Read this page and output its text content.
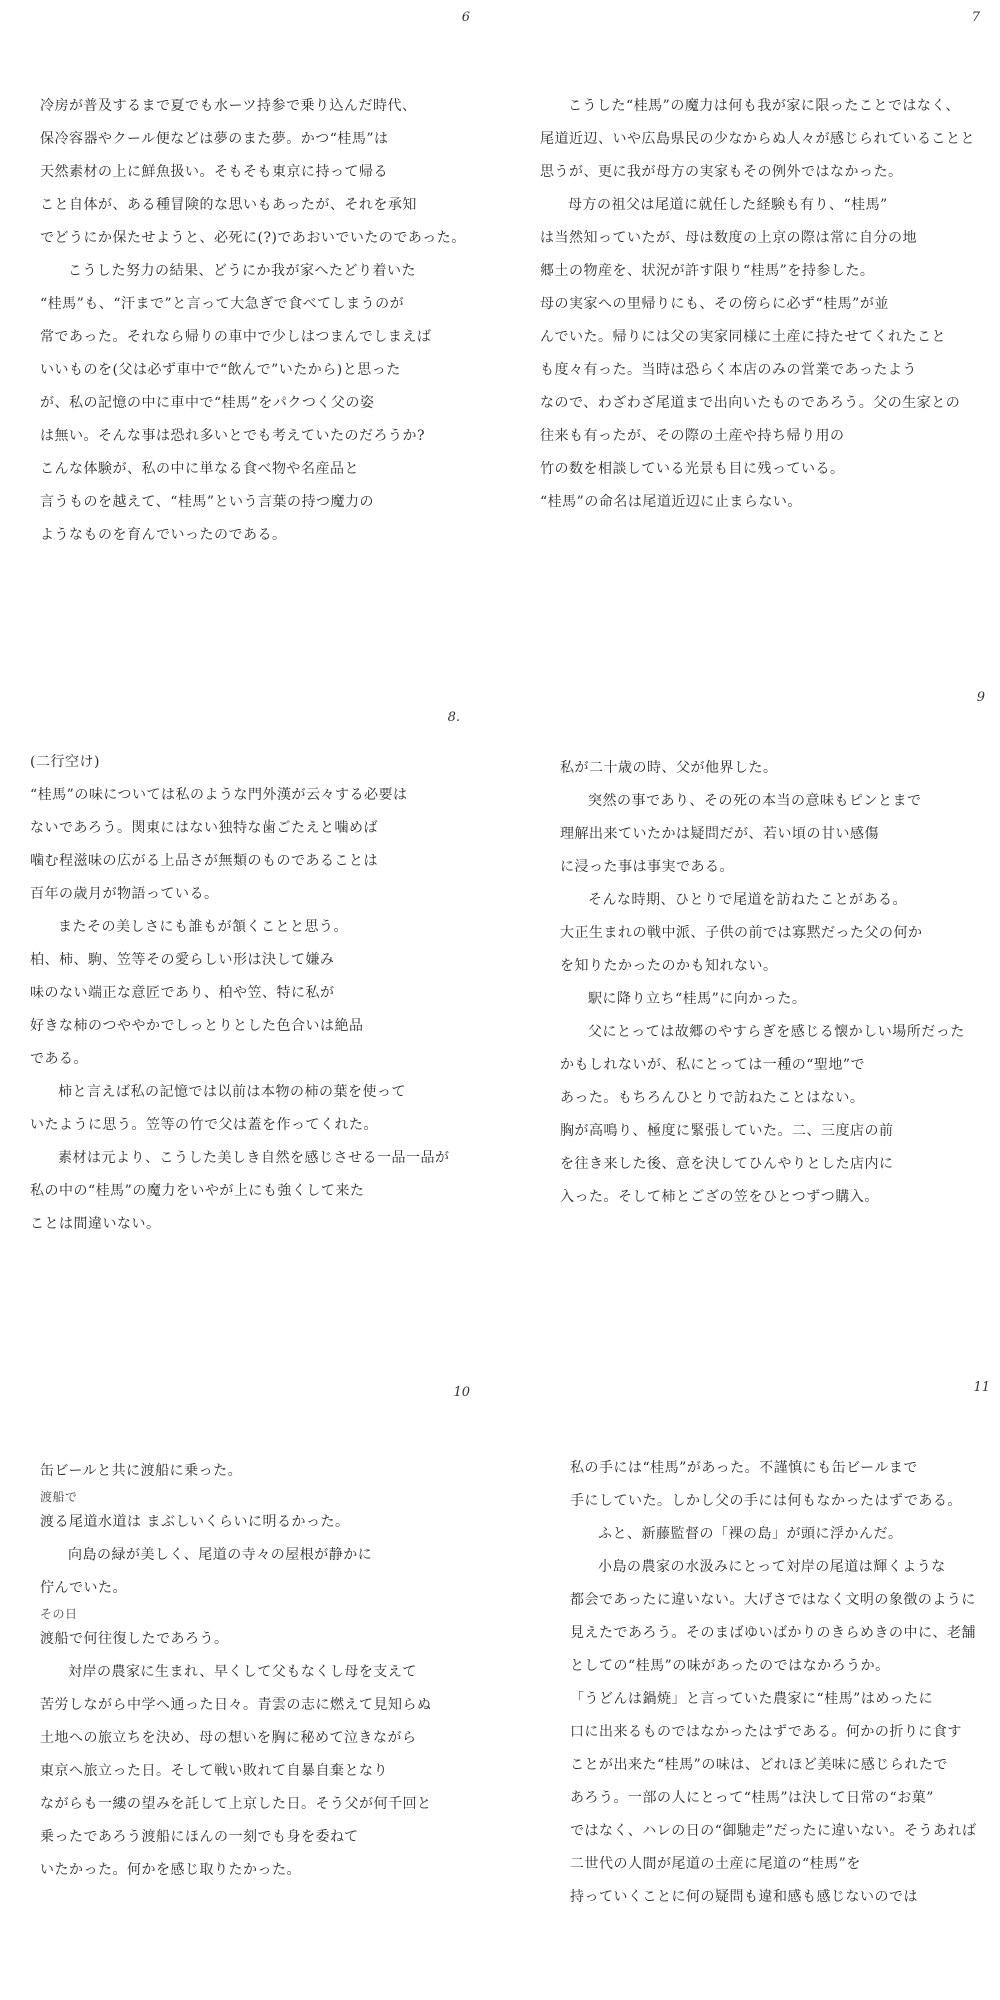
6
冷房が普及するまで夏でも水ーツ持参で乗り込んだ時代、
保冷容器やクール便などは夢のまた夢。かつ“桂馬”は
天然素材の上に鮮魚扱い。そもそも東京に持って帰る
こと自体が、ある種冒険的な思いもあったが、それを承知
でどうにか保たせようと、必死に(?)であおいでいたのであった。
こうした努力の結果、どうにか我が家へたどり着いた
“桂馬”も、“汗まで”と言って大急ぎで食べてしまうのが
常であった。それなら帰りの車中で少しはつまんでしまえば
いいものを(父は必ず車中で“飲んで”いたから)と思った
が、私の記憶の中に車中で“桂馬”をパクつく父の姿
は無い。そんな事は恐れ多いとでも考えていたのだろうか?
こんな体験が、私の中に単なる食べ物や名産品と
言うものを越えて、“桂馬”という言葉の持つ魔力の
ようなものを育んでいったのである。
7
こうした“桂馬”の魔力は何も我が家に限ったことではなく、
尾道近辺、いや広島県民の少なからぬ人々が感じられていることと
思うが、更に我が母方の実家もその例外ではなかった。
母方の祖父は尾道に就任した経験も有り、“桂馬”
は当然知っていたが、母は数度の上京の際は常に自分の地
郷土の物産を、状況が許す限り“桂馬”を持参した。
母の実家への里帰りにも、その傍らに必ず“桂馬”が並
んでいた。帰りには父の実家同様に土産に持たせてくれたこと
も度々有った。当時は恐らく本店のみの営業であったよう
なので、わざわざ尾道まで出向いたものであろう。父の生家との
往来も有ったが、その際の土産や持ち帰り用の
竹の数を相談している光景も目に残っている。
“桂馬”の命名は尾道近辺に止まらない。
8.
(二行空け)
“桂馬”の味については私のような門外漢が云々する必要は
ないであろう。関東にはない独特な歯ごたえと噛めば
噛む程滋味の広がる上品さが無類のものであることは
百年の歳月が物語っている。
またその美しさにも誰もが頷くことと思う。
柏、柿、駒、笠等その愛らしい形は決して嫌み
味のない端正な意匠であり、柏や笠、特に私が
好きな柿のつややかでしっとりとした色合いは絶品
である。
柿と言えば私の記憶では以前は本物の柿の葉を使って
いたように思う。笠等の竹で父は蓋を作ってくれた。
素材は元より、こうした美しき自然を感じさせる一品一品が
私の中の“桂馬”の魔力をいやが上にも強くして来た
ことは間違いない。
9
私が二十歳の時、父が他界した。
突然の事であり、その死の本当の意味もピンとまで
理解出来ていたかは疑問だが、若い頃の甘い感傷
に浸った事は事実である。
そんな時期、ひとりで尾道を訪ねたことがある。
大正生まれの戦中派、子供の前では寡黙だった父の何か
を知りたかったのかも知れない。
駅に降り立ち“桂馬”に向かった。
父にとっては故郷のやすらぎを感じる懐かしい場所だった
かもしれないが、私にとっては一種の“聖地”で
あった。もちろんひとりで訪ねたことはない。
胸が高鳴り、極度に緊張していた。二、三度店の前
を往き来した後、意を決してひんやりとした店内に
入った。そして柿とござの笠をひとつずつ購入。
10
缶ビールと共に渡船に乗った。
渡船で
渡る尾道水道は まぶしいくらいに明るかった。
向島の緑が美しく、尾道の寺々の屋根が静かに
佇んでいた。
その日
渡船で何往復したであろう。
対岸の農家に生まれ、早くして父もなくし母を支えて
苦労しながら中学へ通った日々。青雲の志に燃えて見知らぬ
土地への旅立ちを決め、母の想いを胸に秘めて泣きながら
東京へ旅立った日。そして戦い敗れて自暴自棄となり
ながらも一縷の望みを託して上京した日。そう父が何千回と
乗ったであろう渡船にほんの一刻でも身を委ねて
いたかった。何かを感じ取りたかった。
11
私の手には“桂馬”があった。不謹慎にも缶ビールまで
手にしていた。しかし父の手には何もなかったはずである。
ふと、新藤監督の「裸の島」が頭に浮かんだ。
小島の農家の水汲みにとって対岸の尾道は輝くような
都会であったに違いない。大げさではなく文明の象徴のように
見えたであろう。そのまばゆいばかりのきらめきの中に、老舗
としての“桂馬”の味があったのではなかろうか。
「うどんは鍋焼」と言っていた農家に“桂馬”はめったに
口に出来るものではなかったはずである。何かの折りに食す
ことが出来た“桂馬”の味は、どれほど美味に感じられたで
あろう。一部の人にとって“桂馬”は決して日常の“お菓”
ではなく、ハレの日の“御馳走”だったに違いない。そうあれば
二世代の人間が尾道の土産に尾道の“桂馬”を
持っていくことに何の疑問も違和感も感じないのでは
